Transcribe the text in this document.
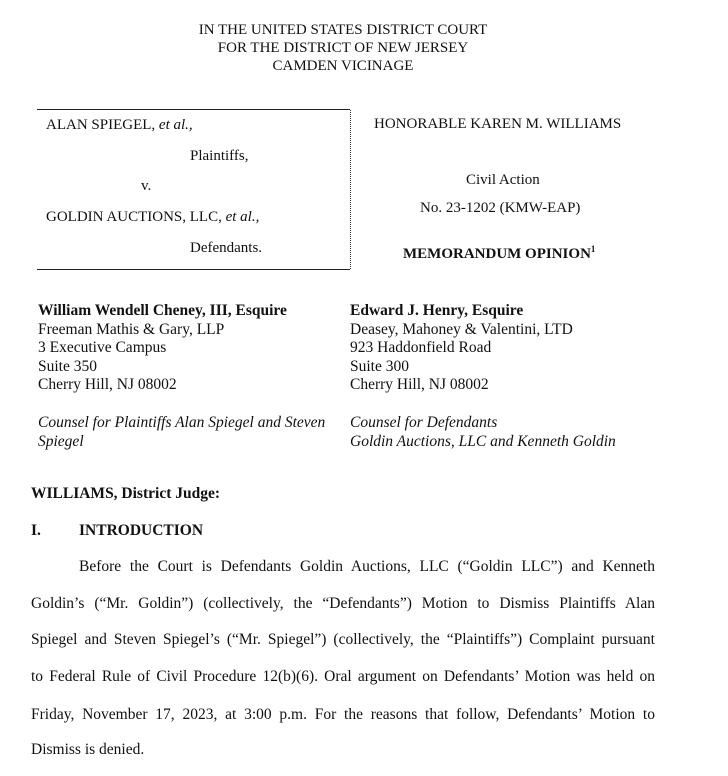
IN THE UNITED STATES DISTRICT COURT
FOR THE DISTRICT OF NEW JERSEY
CAMDEN VICINAGE
ALAN SPIEGEL, et al.,
Plaintiffs,
v.
GOLDIN AUCTIONS, LLC, et al.,
Defendants.
HONORABLE KAREN M. WILLIAMS
Civil Action
No. 23-1202 (KMW-EAP)
MEMORANDUM OPINION$^1$
William Wendell Cheney, III, Esquire
Freeman Mathis & Gary, LLP
3 Executive Campus
Suite 350
Cherry Hill, NJ 08002
Counsel for Plaintiffs Alan Spiegel and Steven
Spiegel
Edward J. Henry, Esquire
Deasey, Mahoney & Valentini, LTD
923 Haddonfield Road
Suite 300
Cherry Hill, NJ 08002
Counsel for Defendants
Goldin Auctions, LLC and Kenneth Goldin
WILLIAMS, District Judge:
I. INTRODUCTION
Before the Court is Defendants Goldin Auctions, LLC (“Goldin LLC”) and Kenneth
Goldin’s (“Mr. Goldin”) (collectively, the “Defendants”) Motion to Dismiss Plaintiffs Alan
Spiegel and Steven Spiegel’s (“Mr. Spiegel”) (collectively, the “Plaintiffs”) Complaint pursuant
to Federal Rule of Civil Procedure 12(b)(6). Oral argument on Defendants’ Motion was held on
Friday, November 17, 2023, at 3:00 p.m. For the reasons that follow, Defendants’ Motion to
Dismiss is denied.
